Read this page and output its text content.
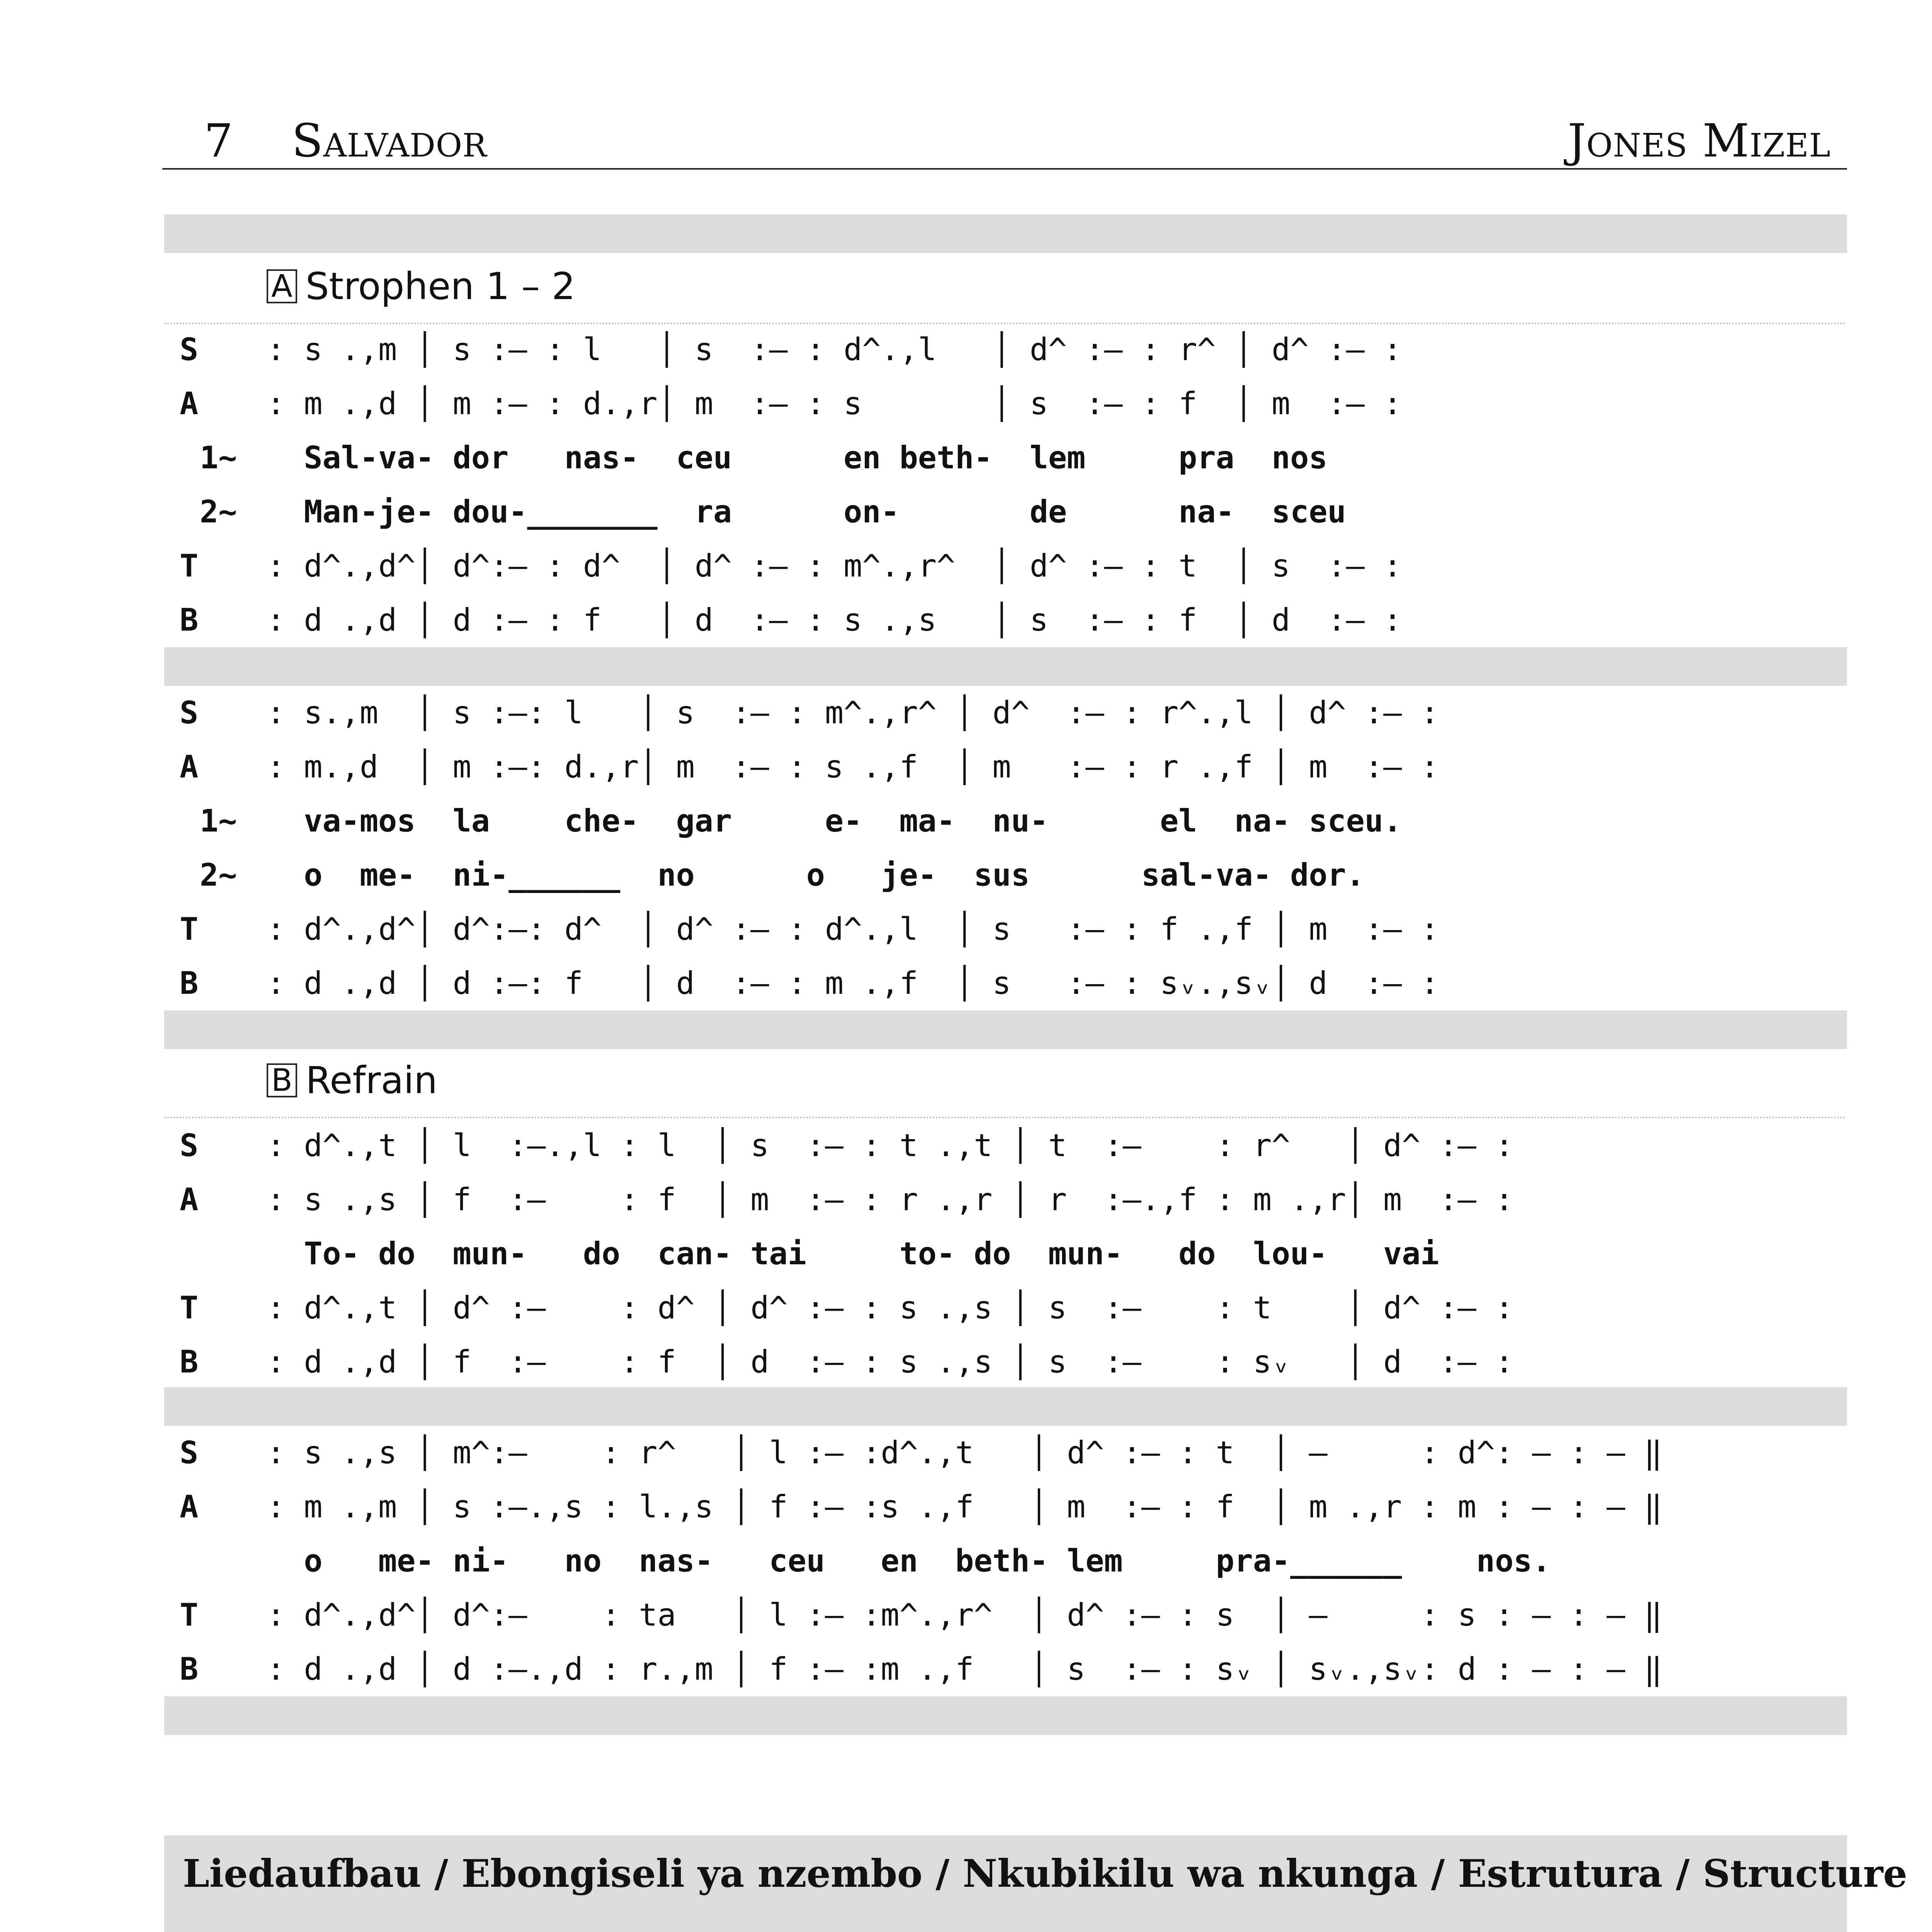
7 Salvador	Jones Mizel
A Strophen 1 – 2
S : s .,m │ s :– : l   │ s  :– : d^.,l   │ d^ :– : r^ │ d^ :– :
A : m .,d │ m :– : d.,r│ m  :– : s       │ s  :– : f  │ m  :– :
1~ Sal-va- dor   nas-  ceu      en beth-  lem     pra  nos
2~ Man-je- dou-_______  ra      on-       de      na-  sceu
T : d^.,d^│ d^:– : d^  │ d^ :– : m^.,r^  │ d^ :– : t  │ s  :– :
B : d .,d │ d :– : f   │ d  :– : s .,s   │ s  :– : f  │ d  :– :
S : s.,m  │ s :–: l   │ s  :– : m^.,r^ │ d^  :– : r^.,l │ d^ :– :
A : m.,d  │ m :–: d.,r│ m  :– : s .,f  │ m   :– : r .,f │ m  :– :
1~ va-mos  la    che-  gar     e-  ma-  nu-      el  na- sceu.
2~ o  me-  ni-______  no      o   je-  sus      sal-va- dor.
T : d^.,d^│ d^:–: d^  │ d^ :– : d^.,l  │ s   :– : f .,f │ m  :– :
B : d .,d │ d :–: f   │ d  :– : m .,f  │ s   :– : sᵥ.,sᵥ│ d  :– :
B Refrain
S : d^.,t │ l  :–.,l : l  │ s  :– : t .,t │ t  :–    : r^   │ d^ :– :
A : s .,s │ f  :–    : f  │ m  :– : r .,r │ r  :–.,f : m .,r│ m  :– :
To- do  mun-   do  can- tai     to- do  mun-   do  lou-   vai
T : d^.,t │ d^ :–    : d^ │ d^ :– : s .,s │ s  :–    : t    │ d^ :– :
B : d .,d │ f  :–    : f  │ d  :– : s .,s │ s  :–    : sᵥ   │ d  :– :
S : s .,s │ m^:–    : r^   │ l :– :d^.,t   │ d^ :– : t  │ –     : d^: – : – ‖
A : m .,m │ s :–.,s : l.,s │ f :– :s .,f   │ m  :– : f  │ m .,r : m : – : – ‖
o   me- ni-   no  nas-   ceu   en  beth- lem     pra-______    nos.
T : d^.,d^│ d^:–    : ta   │ l :– :m^.,r^  │ d^ :– : s  │ –     : s : – : – ‖
B : d .,d │ d :–.,d : r.,m │ f :– :m .,f   │ s  :– : sᵥ │ sᵥ.,sᵥ: d : – : – ‖
Liedaufbau / Ebongiseli ya nzembo / Nkubikilu wa nkunga / Estrutura / Structure
